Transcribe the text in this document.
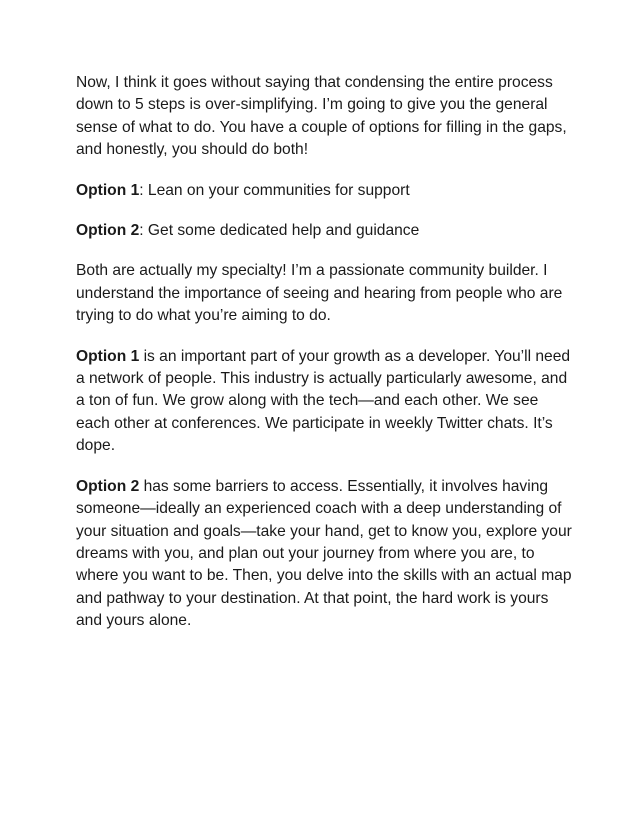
Now, I think it goes without saying that condensing the entire process down to 5 steps is over-simplifying. I’m going to give you the general sense of what to do. You have a couple of options for filling in the gaps, and honestly, you should do both!

Option 1: Lean on your communities for support

Option 2: Get some dedicated help and guidance

Both are actually my specialty! I’m a passionate community builder. I understand the importance of seeing and hearing from people who are trying to do what you’re aiming to do.

Option 1 is an important part of your growth as a developer. You’ll need a network of people. This industry is actually particularly awesome, and a ton of fun. We grow along with the tech—and each other. We see each other at conferences. We participate in weekly Twitter chats. It’s dope.

Option 2 has some barriers to access. Essentially, it involves having someone—ideally an experienced coach with a deep understanding of your situation and goals—take your hand, get to know you, explore your dreams with you, and plan out your journey from where you are, to where you want to be. Then, you delve into the skills with an actual map and pathway to your destination. At that point, the hard work is yours and yours alone.
